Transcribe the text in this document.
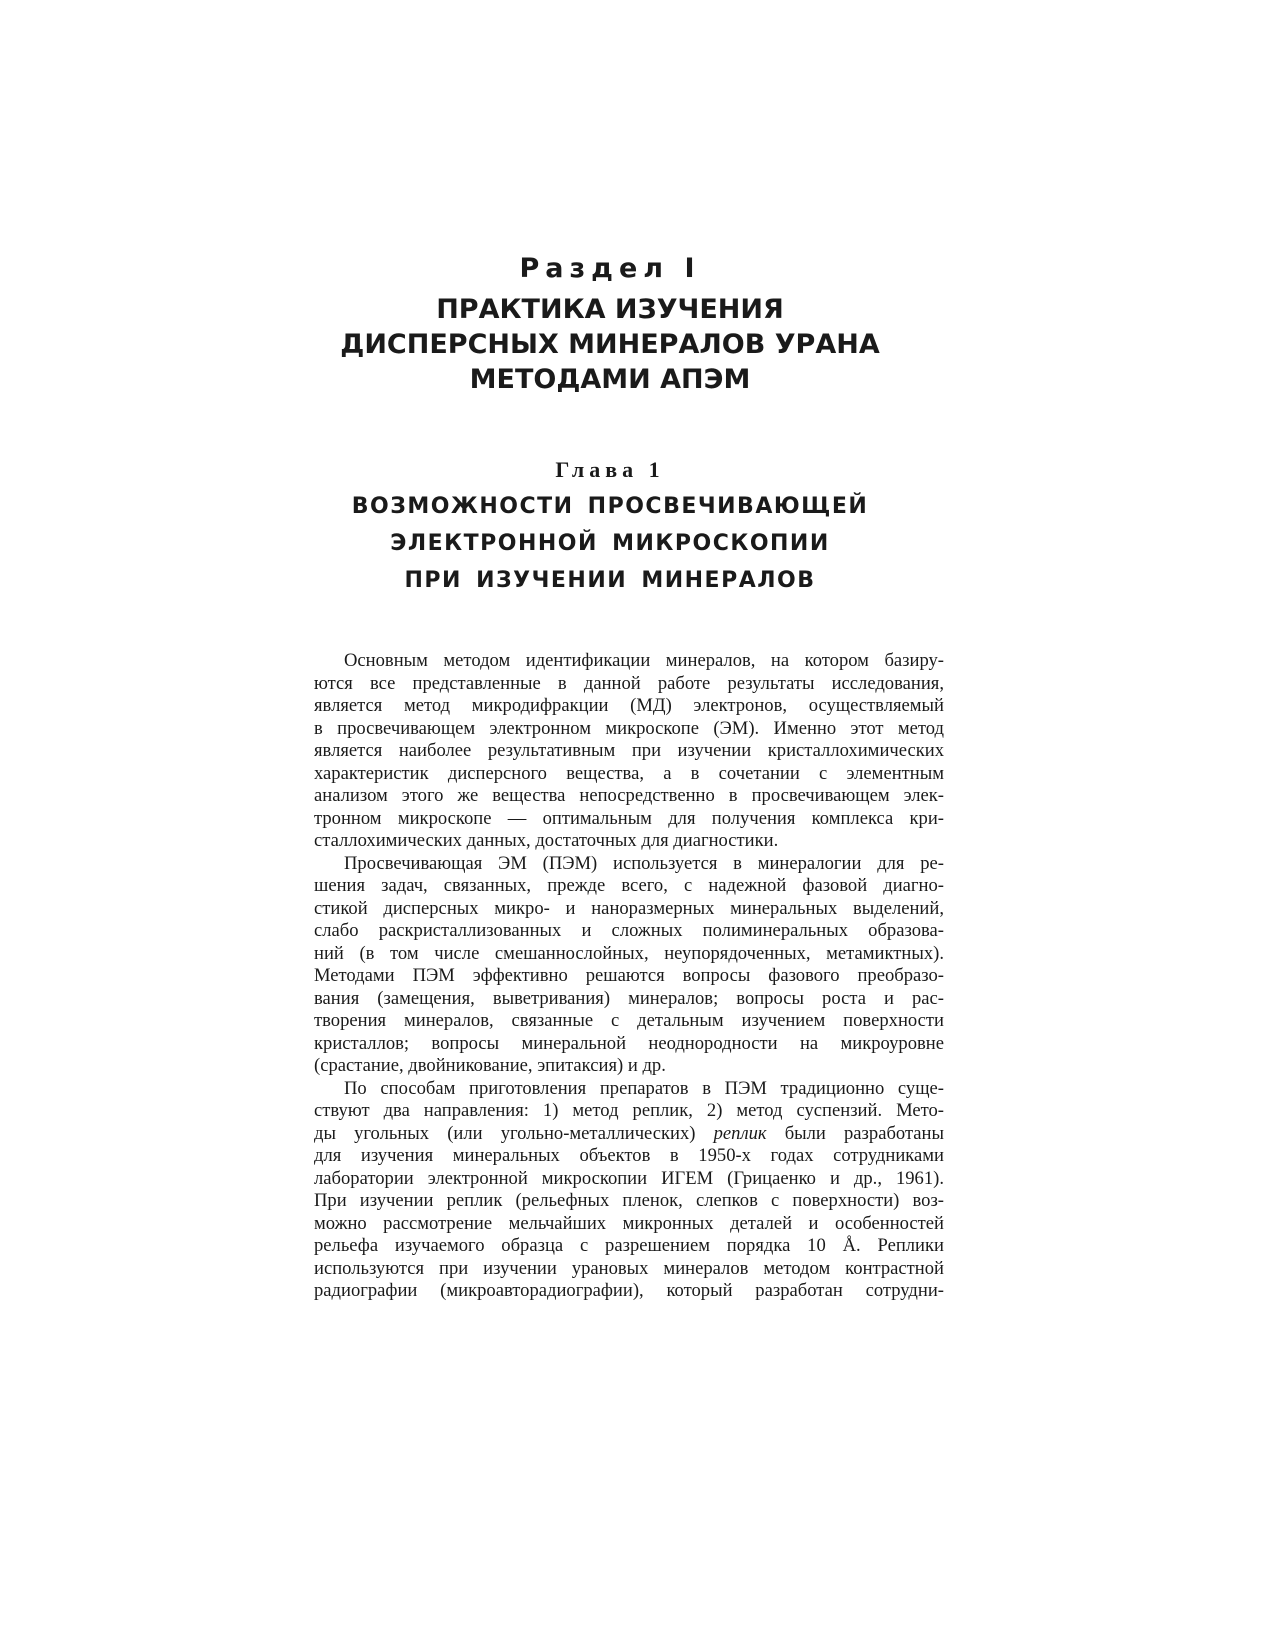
Раздел I
ПРАКТИКА ИЗУЧЕНИЯ
ДИСПЕРСНЫХ МИНЕРАЛОВ УРАНА
МЕТОДАМИ АПЭМ
Глава 1
ВОЗМОЖНОСТИ ПРОСВЕЧИВАЮЩЕЙ
ЭЛЕКТРОННОЙ МИКРОСКОПИИ
ПРИ ИЗУЧЕНИИ МИНЕРАЛОВ

Основным методом идентификации минералов, на котором базиру-
ются все представленные в данной работе результаты исследования,
является метод микродифракции (МД) электронов, осуществляемый
в просвечивающем электронном микроскопе (ЭМ). Именно этот метод
является наиболее результативным при изучении кристаллохимических
характеристик дисперсного вещества, а в сочетании с элементным
анализом этого же вещества непосредственно в просвечивающем элек-
тронном микроскопе — оптимальным для получения комплекса кри-
сталлохимических данных, достаточных для диагностики.

Просвечивающая ЭМ (ПЭМ) используется в минералогии для ре-
шения задач, связанных, прежде всего, с надежной фазовой диагно-
стикой дисперсных микро- и наноразмерных минеральных выделений,
слабо раскристаллизованных и сложных полиминеральных образова-
ний (в том числе смешаннослойных, неупорядоченных, метамиктных).
Методами ПЭМ эффективно решаются вопросы фазового преобразо-
вания (замещения, выветривания) минералов; вопросы роста и рас-
творения минералов, связанные с детальным изучением поверхности
кристаллов; вопросы минеральной неоднородности на микроуровне
(срастание, двойникование, эпитаксия) и др.

По способам приготовления препаратов в ПЭМ традиционно суще-
ствуют два направления: 1) метод реплик, 2) метод суспензий. Мето-
ды угольных (или угольно-металлических) реплик были разработаны
для изучения минеральных объектов в 1950-х годах сотрудниками
лаборатории электронной микроскопии ИГЕМ (Грицаенко и др., 1961).
При изучении реплик (рельефных пленок, слепков с поверхности) воз-
можно рассмотрение мельчайших микронных деталей и особенностей
рельефа изучаемого образца с разрешением порядка 10 Å. Реплики
используются при изучении урановых минералов методом контрастной
радиографии (микроавторадиографии), который разработан сотрудни-
